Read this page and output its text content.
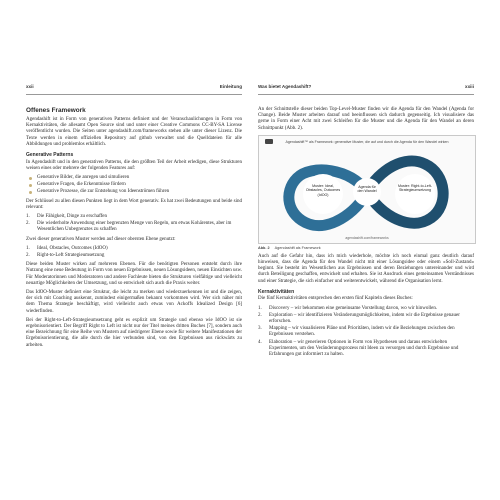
xxii	Einleitung
Offenes Framework

Agendashift ist in Form von generativen Patterns definiert und der Veranschaulichungen in Form von Kernaktivitäten, die allesamt Open Source sind und unter einer Creative Commons CC-BY-SA License veröffentlicht wurden. Die Seiten unter agendashift.com/frameworks stehen alle unter dieser Lizenz. Die Texte werden in einem offiziellen Repository auf github verwaltet und die Quelldateien für alle Abbildungen und problemlos erhältlich.

Generative Patterns

In Agendashift und in den generativen Patterns, die den größten Teil der Arbeit erledigen, diese Strukturen weisen eines oder mehrere der folgenden Features auf:

Generative Bilder, die anregen und simulieren
Generative Fragen, die Erkenntnisse fördern
Generative Prozesse, die zur Entstehung von Ideenströmen führen

Der Schlüssel zu allen diesen Punkten liegt in dem Wort generativ. Es hat zwei Bedeutungen und beide sind relevant:

1. Die Fähigkeit, Dinge zu erschaffen
2. Die wiederholte Anwendung einer begrenzten Menge von Regeln, um etwas Kohärentes, aber im Wesentlichen Unbegrenztes zu schaffen

Zwei dieser generativen Muster werden auf dieser obersten Ebene genutzt:

1. Ideal, Obstacles, Outcomes (IdOO)
2. Right-to-Left Strategieumsetzung

Diese beiden Muster wirken auf mehreren Ebenen. Für die benötigten Personen entsteht durch ihre Nutzung eine neue Bedeutung in Form von neuen Ergebnissen, neuen Lösungsideen, neuen Einsichten usw. Für Moderatorinnen und Moderatoren und andere Fachleute bieten die Strukturen vielfältige und vielleicht neuartige Möglichkeiten der Umsetzung, und so entwickelt sich auch die Praxis weiter.

Das IdOO-Muster definiert eine Struktur, die leicht zu merken und wiederzuerkennen ist und die zeigen, der sich mit Coaching auskennt, zumindest einigermaßen bekannt vorkommen wird. Wer sich näher mit dem Thema Strategie beschäftigt, wird vielleicht auch etwas von Ackoffs Idealized Design [6] wiederfinden.

Bei der Right-to-Left-Strategieumsetzung geht es explizit um Strategie und ebenso wie IdOO ist sie ergebnisorientiert. Der Begriff Right to Left ist nicht nur der Titel meines dritten Buches [7], sondern auch eine Bezeichnung für eine Reihe von Mustern auf niedrigerer Ebene sowie für weitere Manifestationen der Ergebnisorientierung, die alle durch die hier verbunden sind, von den Ergebnissen aus rückwärts zu arbeiten.

Was bietet Agendashift?	xxiii

An der Schnittstelle dieser beiden Top-Level-Muster finden wir die Agenda für den Wandel (Agenda for Change). Beide Muster arbeiten darauf und beeinflussen sich dadurch gegenseitig. Ich visualisiere das gerne in Form einer Acht mit zwei Schleifen für die Muster und die Agenda für den Wandel an deren Schnittpunkt (Abb. 2).

Agendashift™ als Framework: generative Muster, die auf und durch die Agenda für den Wandel wirken
Muster: Ideal, Obstacles, Outcomes (IdOO)
Agenda für den Wandel
Muster: Right-to-Left-Strategieumsetzung
agendashift.com/frameworks
Abb. 2 Agendashift als Framework

Auch auf die Gefahr hin, dass ich mich wiederhole, möchte ich noch einmal ganz deutlich darauf hinweisen, dass die Agenda für den Wandel nicht mit einer Lösungsidee oder einem »Soll-Zustand« beginnt. Sie besteht im Wesentlichen aus Ergebnissen und deren Beziehungen untereinander und wird durch Beteiligung geschaffen, entwickelt und erhalten. Sie ist Ausdruck eines gemeinsamen Verständnisses und einer Strategie, die sich einfacher und weiterentwickelt, während die Organisation lernt.

Kernaktivitäten

Die fünf Kernaktivitäten entsprechen den ersten fünf Kapiteln dieses Buches:

1. Discovery – wir bekommen eine gemeinsame Vorstellung davon, wo wir hinwollen.
2. Exploration – wir identifizieren Veränderungsmöglichkeiten, indem wir die Ergebnisse genauer erforschen.
3. Mapping – wir visualisieren Pläne und Prioritäten, indem wir die Beziehungen zwischen den Ergebnissen verstehen.
4. Elaboration – wir generieren Optionen in Form von Hypothesen und daraus entwickelten Experimenten, um den Veränderungsprozess mit Ideen zu versorgen und durch Ergebnisse und Erfahrungen gut informiert zu halten.
